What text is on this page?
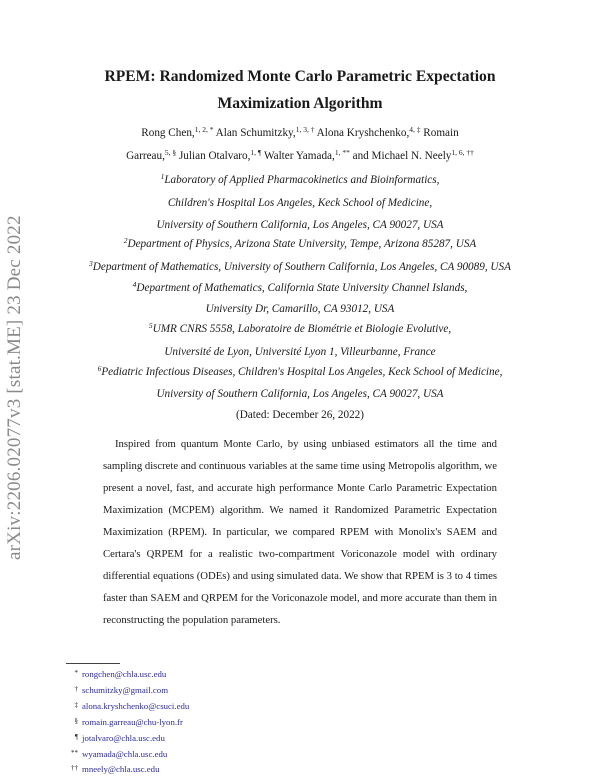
arXiv:2206.02077v3 [stat.ME] 23 Dec 2022
RPEM: Randomized Monte Carlo Parametric Expectation
Maximization Algorithm
Rong Chen,$^{1, 2, *}$ Alan Schumitzky,$^{1, 3, \dagger}$ Alona Kryshchenko,$^{4, \ddagger}$ Romain
Garreau,$^{5, \S}$ Julian Otalvaro,$^{1, \P}$ Walter Yamada,$^{1, **}$ and Michael N. Neely$^{1, 6, \dagger\dagger}$
$^1$Laboratory of Applied Pharmacokinetics and Bioinformatics,
Children's Hospital Los Angeles, Keck School of Medicine,
University of Southern California, Los Angeles, CA 90027, USA
$^2$Department of Physics, Arizona State University, Tempe, Arizona 85287, USA
$^3$Department of Mathematics, University of Southern California, Los Angeles, CA 90089, USA
$^4$Department of Mathematics, California State University Channel Islands,
University Dr, Camarillo, CA 93012, USA
$^5$UMR CNRS 5558, Laboratoire de Biométrie et Biologie Evolutive,
Université de Lyon, Université Lyon 1, Villeurbanne, France
$^6$Pediatric Infectious Diseases, Children's Hospital Los Angeles, Keck School of Medicine,
University of Southern California, Los Angeles, CA 90027, USA
(Dated: December 26, 2022)

Inspired from quantum Monte Carlo, by using unbiased estimators all the time and sampling discrete and continuous variables at the same time using Metropolis algorithm, we present a novel, fast, and accurate high performance Monte Carlo Parametric Expectation Maximization (MCPEM) algorithm. We named it Randomized Parametric Expectation Maximization (RPEM). In particular, we compared RPEM with Monolix's SAEM and Certara's QRPEM for a realistic two-compartment Voriconazole model with ordinary differential equations (ODEs) and using simulated data. We show that RPEM is 3 to 4 times faster than SAEM and QRPEM for the Voriconazole model, and more accurate than them in reconstructing the population parameters.

* rongchen@chla.usc.edu
† schumitzky@gmail.com
‡ alona.kryshchenko@csuci.edu
§ romain.garreau@chu-lyon.fr
¶ jotalvaro@chla.usc.edu
** wyamada@chla.usc.edu
†† mneely@chla.usc.edu
